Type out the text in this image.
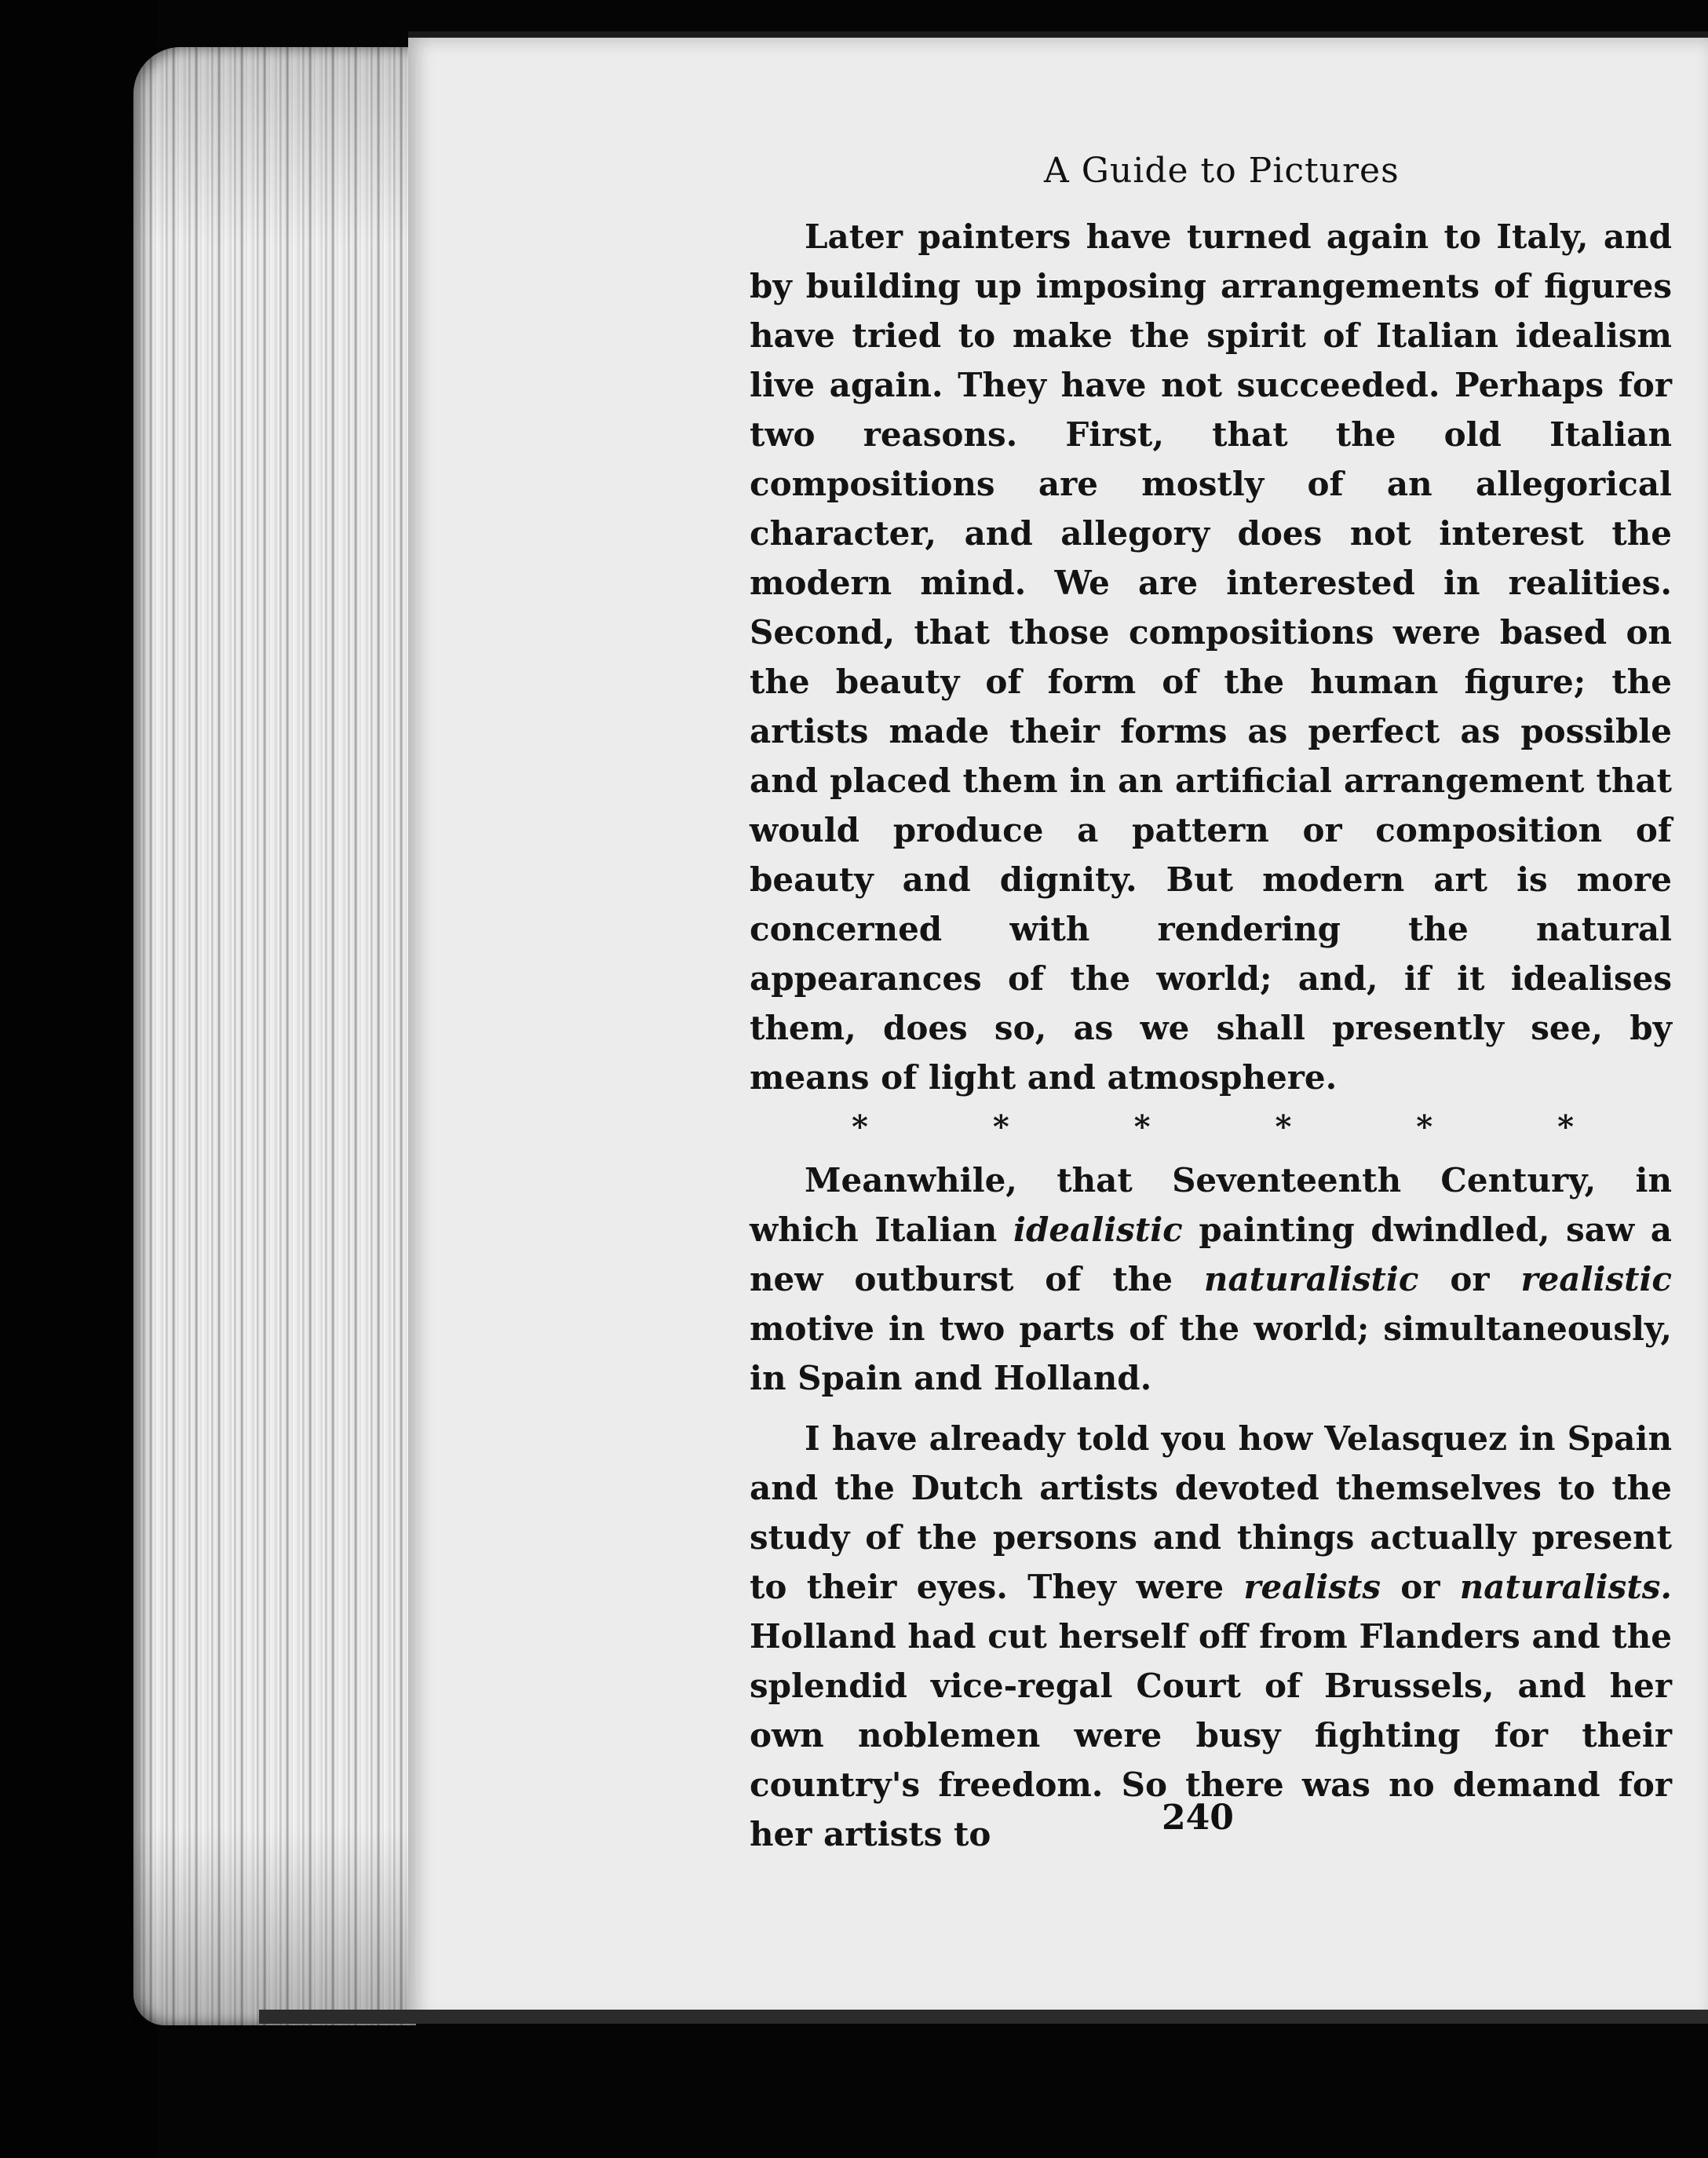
A Guide to Pictures

Later painters have turned again to Italy, and by building up imposing arrangements of figures have tried to make the spirit of Italian idealism live again. They have not succeeded. Perhaps for two reasons. First, that the old Italian compositions are mostly of an allegorical character, and allegory does not interest the modern mind. We are interested in realities. Second, that those compositions were based on the beauty of form of the human figure; the artists made their forms as perfect as possible and placed them in an artificial arrangement that would produce a pattern or composition of beauty and dignity. But modern art is more concerned with rendering the natural appearances of the world; and, if it idealises them, does so, as we shall presently see, by means of light and atmosphere.

*	*	*	*	*	*

Meanwhile, that Seventeenth Century, in which Italian idealistic painting dwindled, saw a new outburst of the naturalistic or realistic motive in two parts of the world; simultaneously, in Spain and Holland.

I have already told you how Velasquez in Spain and the Dutch artists devoted themselves to the study of the persons and things actually present to their eyes. They were realists or naturalists. Holland had cut herself off from Flanders and the splendid vice-regal Court of Brussels, and her own noblemen were busy fighting for their country's freedom. So there was no demand for her artists to	240
